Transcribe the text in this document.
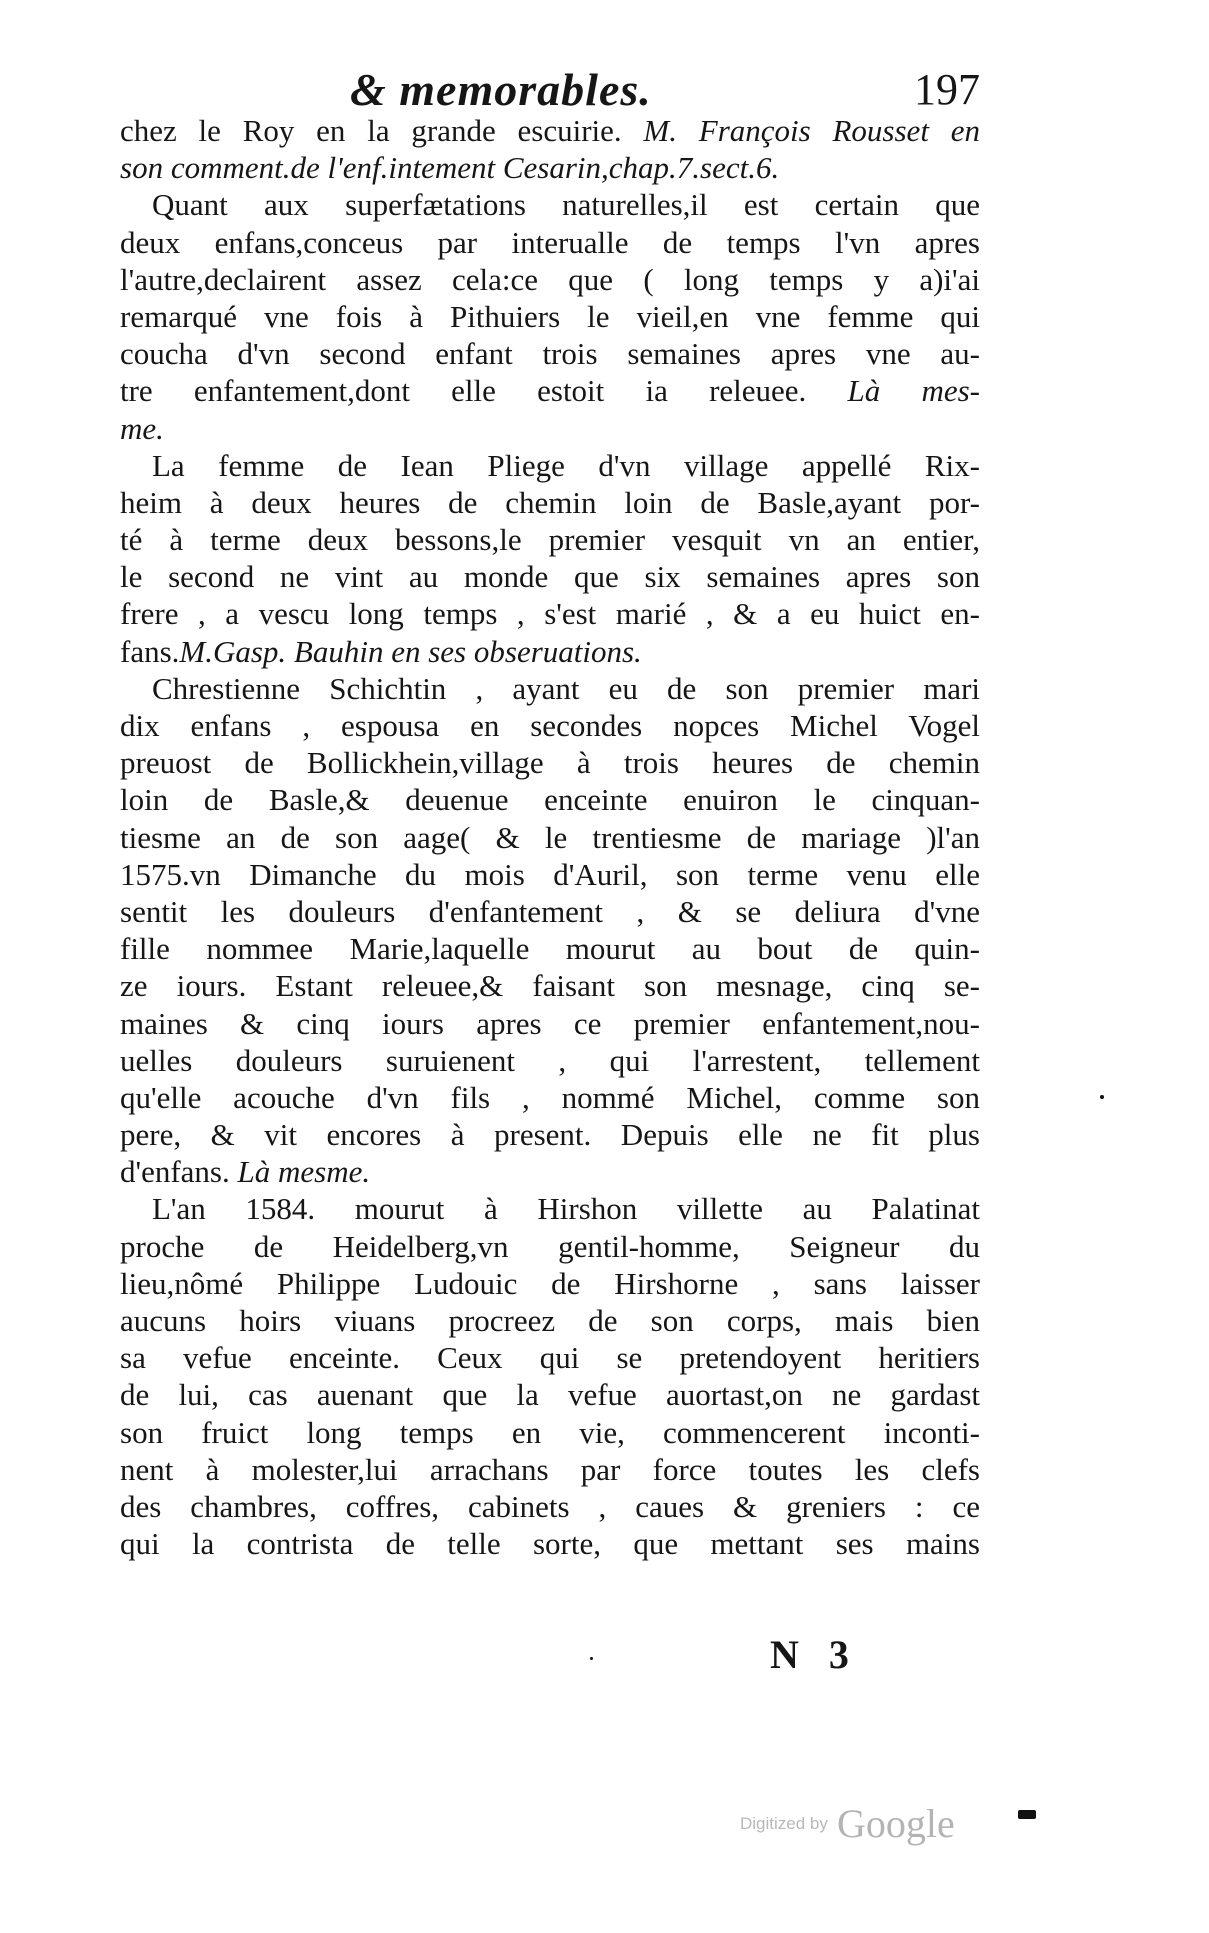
& memorables.	197
chez le Roy en la grande escuirie. M. François Rousset en
son comment.de l'enf.intement Cesarin,chap.7.sect.6.
Quant aux superfætations naturelles,il est certain que
deux enfans,conceus par interualle de temps l'vn apres
l'autre,declairent assez cela:ce que ( long temps y a)i'ai
remarqué vne fois à Pithuiers le vieil,en vne femme qui
coucha d'vn second enfant trois semaines apres vne au-
tre enfantement,dont elle estoit ia releuee. Là mes-
me.
La femme de Iean Pliege d'vn village appellé Rix-
heim à deux heures de chemin loin de Basle,ayant por-
té à terme deux bessons,le premier vesquit vn an entier,
le second ne vint au monde que six semaines apres son
frere , a vescu long temps , s'est marié , & a eu huict en-
fans.M.Gasp. Bauhin en ses obseruations.
Chrestienne Schichtin , ayant eu de son premier mari
dix enfans , espousa en secondes nopces Michel Vogel
preuost de Bollickhein,village à trois heures de chemin
loin de Basle,& deuenue enceinte enuiron le cinquan-
tiesme an de son aage( & le trentiesme de mariage )l'an
1575.vn Dimanche du mois d'Auril, son terme venu elle
sentit les douleurs d'enfantement , & se deliura d'vne
fille nommee Marie,laquelle mourut au bout de quin-
ze iours. Estant releuee,& faisant son mesnage, cinq se-
maines & cinq iours apres ce premier enfantement,nou-
uelles douleurs suruienent , qui l'arrestent, tellement
qu'elle acouche d'vn fils , nommé Michel, comme son
pere, & vit encores à present. Depuis elle ne fit plus
d'enfans. Là mesme.
L'an 1584. mourut à Hirshon villette au Palatinat
proche de Heidelberg,vn gentil-homme, Seigneur du
lieu,nômé Philippe Ludouic de Hirshorne , sans laisser
aucuns hoirs viuans procreez de son corps, mais bien
sa vefue enceinte. Ceux qui se pretendoyent heritiers
de lui, cas auenant que la vefue auortast,on ne gardast
son fruict long temps en vie, commencerent inconti-
nent à molester,lui arrachans par force toutes les clefs
des chambres, coffres, cabinets , caues & greniers : ce
qui la contrista de telle sorte, que mettant ses mains
N 3
Digitized by Google
